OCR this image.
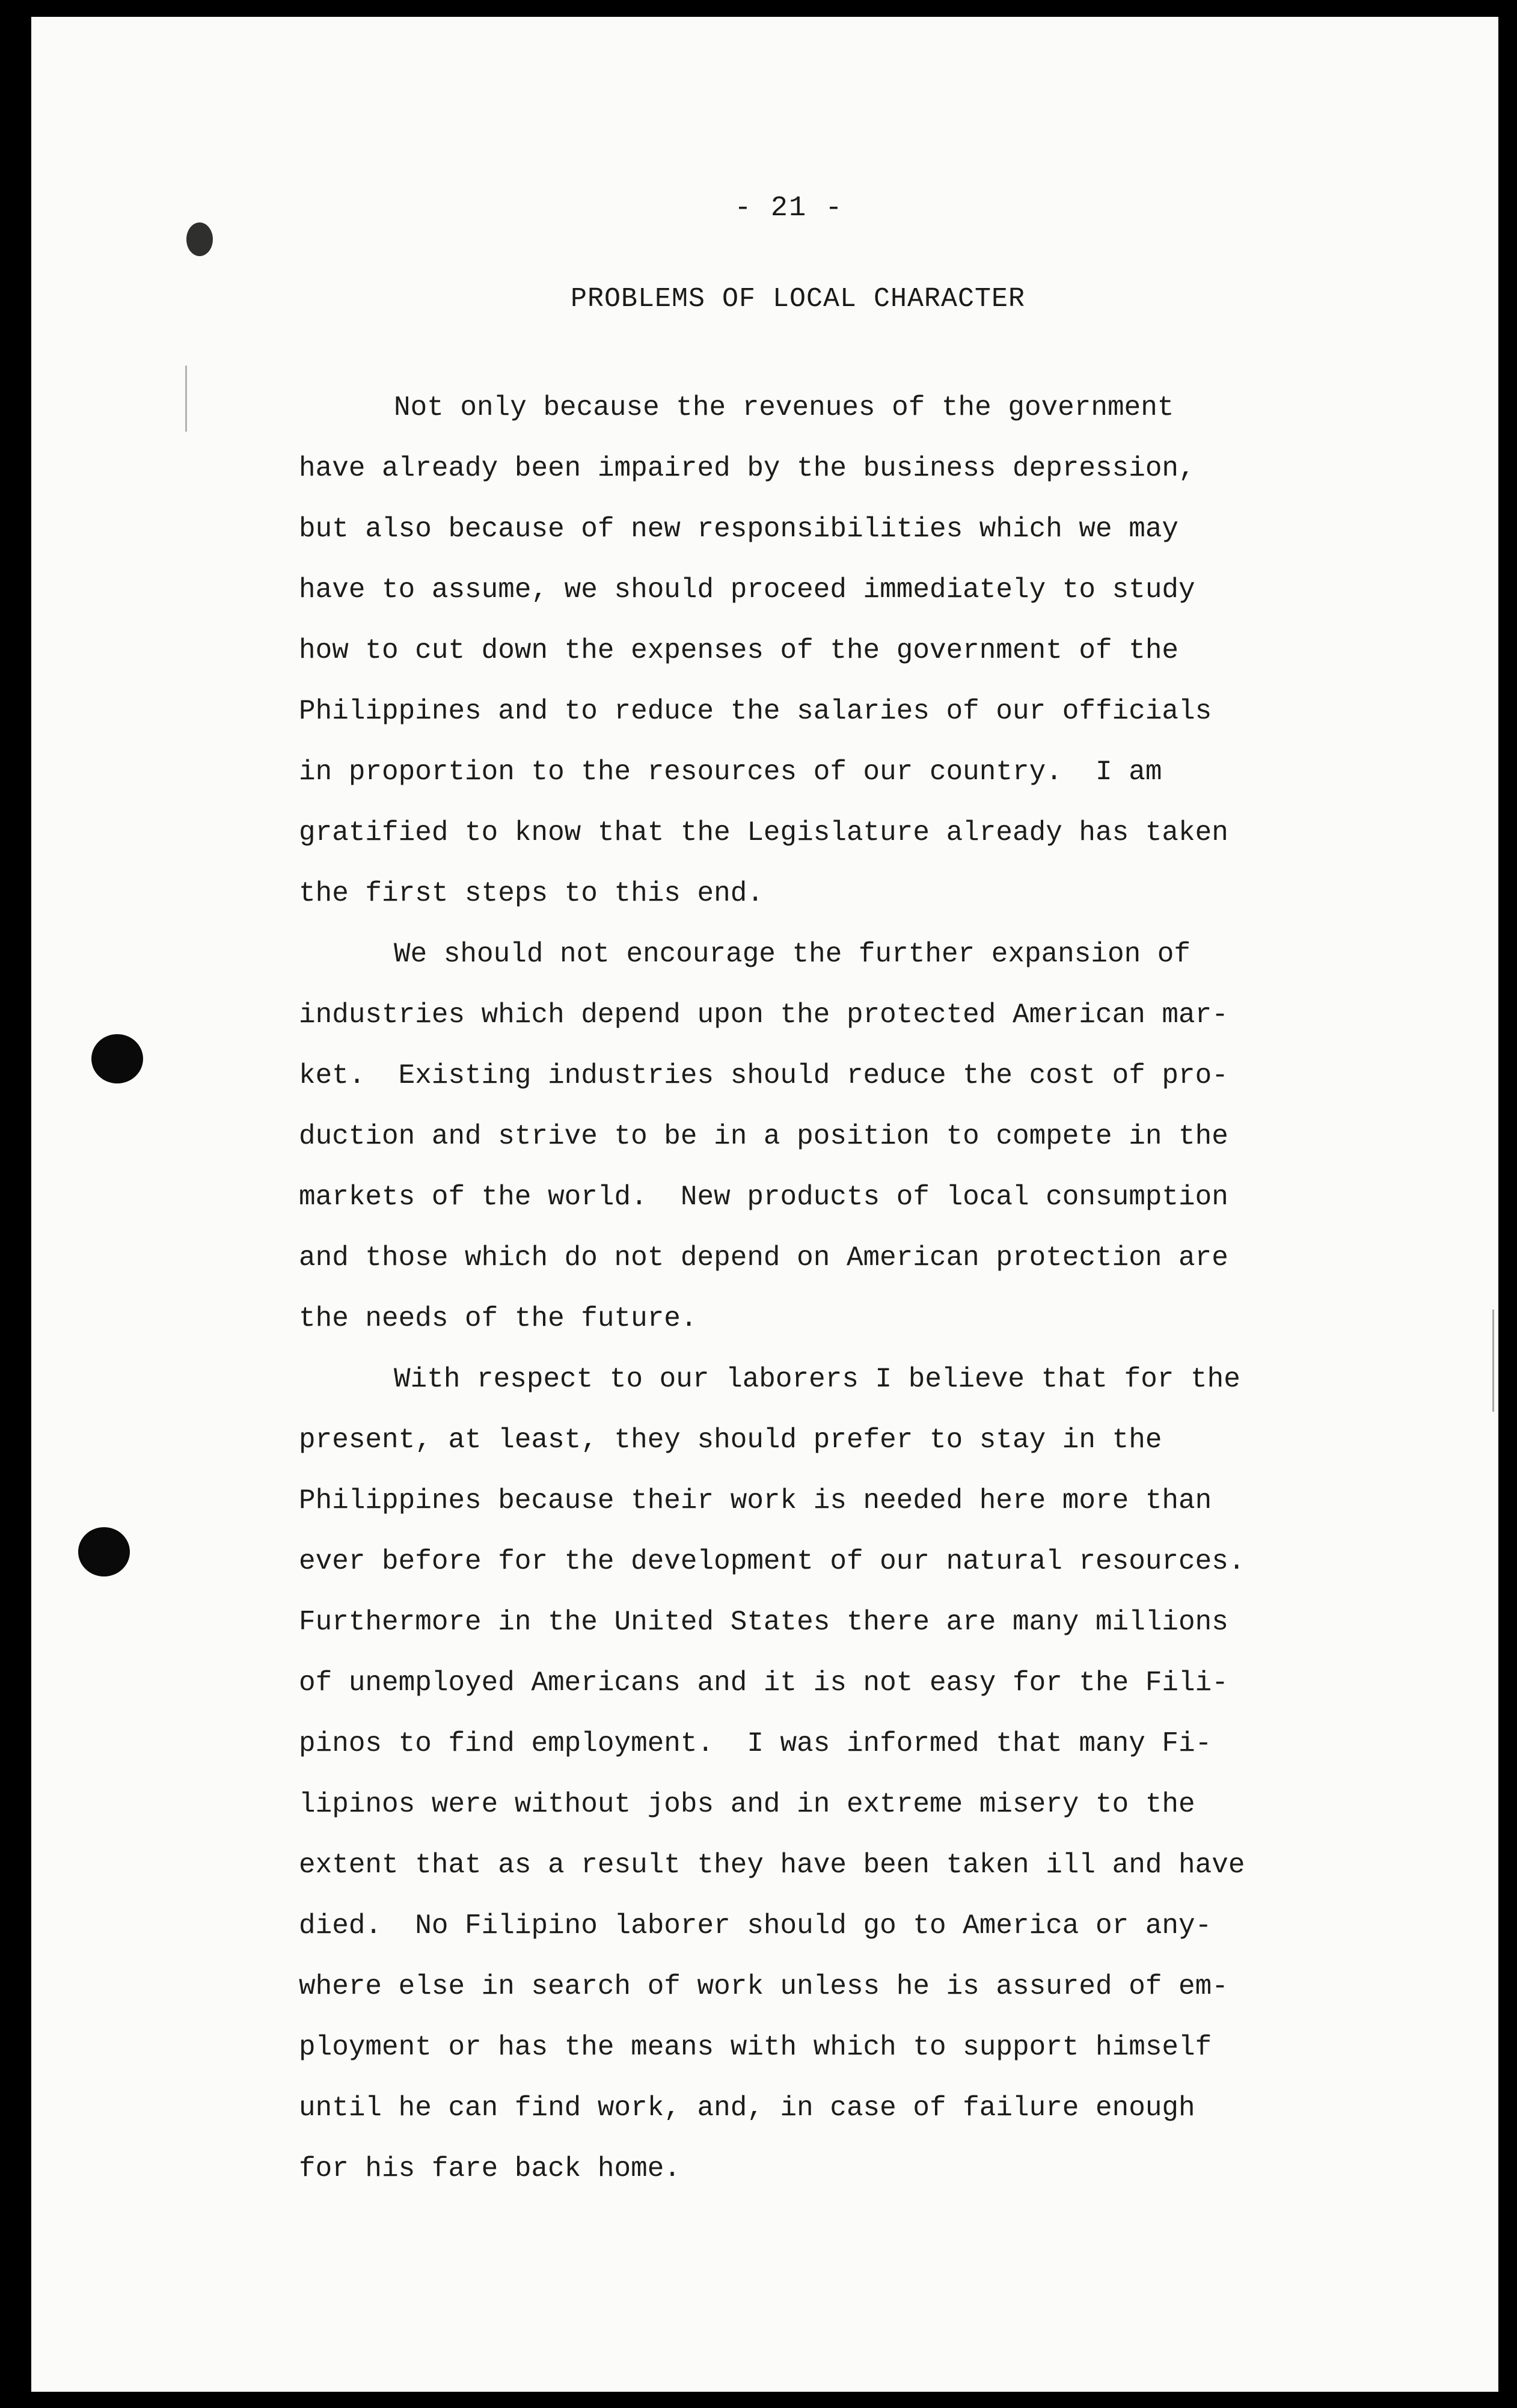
- 21 -
PROBLEMS OF LOCAL CHARACTER
Not only because the revenues of the government
have already been impaired by the business depression,
but also because of new responsibilities which we may
have to assume, we should proceed immediately to study
how to cut down the expenses of the government of the
Philippines and to reduce the salaries of our officials
in proportion to the resources of our country.  I am
gratified to know that the Legislature already has taken
the first steps to this end.
We should not encourage the further expansion of
industries which depend upon the protected American mar-
ket.  Existing industries should reduce the cost of pro-
duction and strive to be in a position to compete in the
markets of the world.  New products of local consumption
and those which do not depend on American protection are
the needs of the future.
With respect to our laborers I believe that for the
present, at least, they should prefer to stay in the
Philippines because their work is needed here more than
ever before for the development of our natural resources.
Furthermore in the United States there are many millions
of unemployed Americans and it is not easy for the Fili-
pinos to find employment.  I was informed that many Fi-
lipinos were without jobs and in extreme misery to the
extent that as a result they have been taken ill and have
died.  No Filipino laborer should go to America or any-
where else in search of work unless he is assured of em-
ployment or has the means with which to support himself
until he can find work, and, in case of failure enough
for his fare back home.
